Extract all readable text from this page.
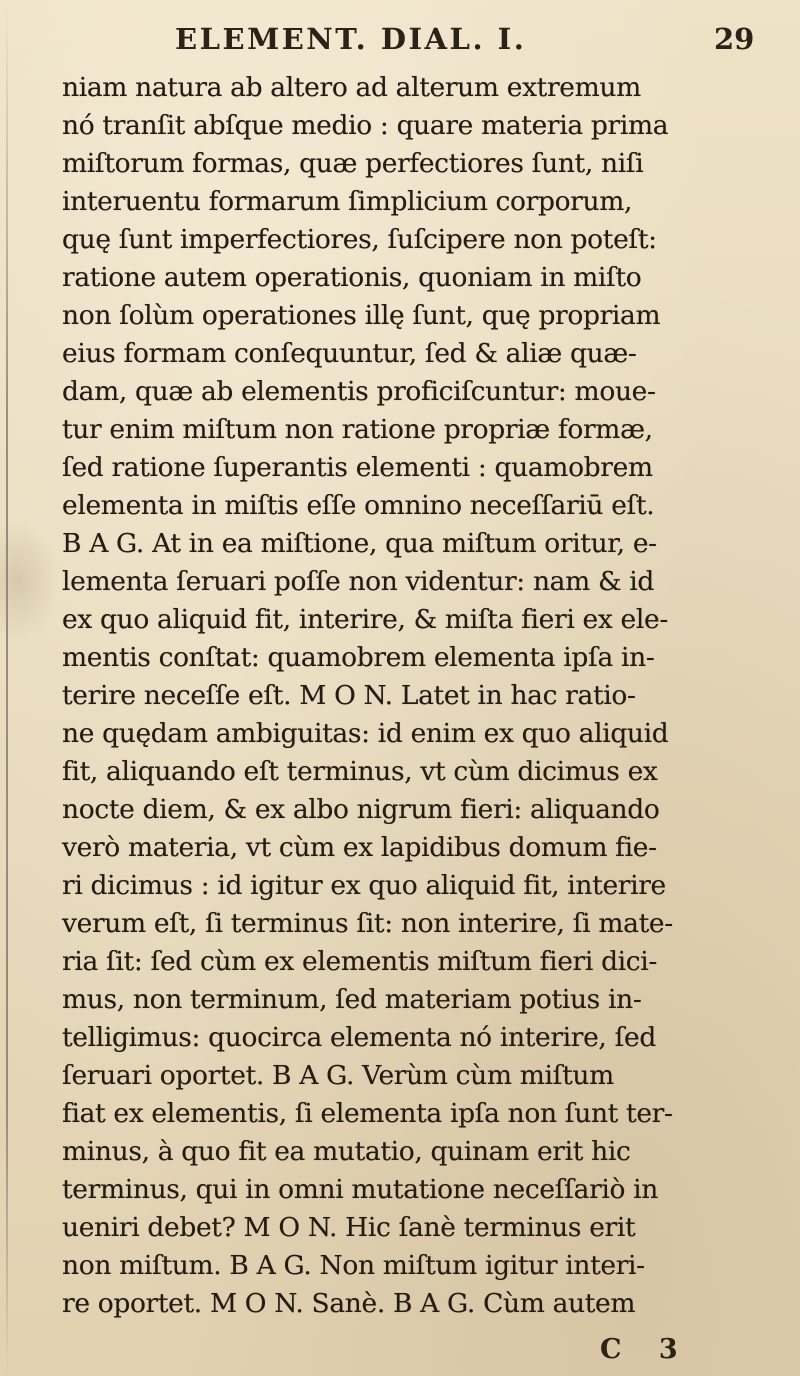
ELEMENT. DIAL. I.	29
niam natura ab altero ad alterum extremum
nó tranſit abſque medio : quare materia prima
miſtorum formas, quæ perfectiores ſunt, niſi
interuentu formarum ſimplicium corporum,
quę ſunt imperfectiores, ſuſcipere non poteſt:
ratione autem operationis, quoniam in miſto
non ſolùm operationes illę ſunt, quę propriam
eius formam conſequuntur, ſed & aliæ quæ-
dam, quæ ab elementis proficiſcuntur: moue-
tur enim miſtum non ratione propriæ formæ,
ſed ratione ſuperantis elementi : quamobrem
elementa in miſtis eſſe omnino neceſſariū eſt.
B A G. At in ea miſtione, qua miſtum oritur, e-
lementa ſeruari poſſe non videntur: nam & id
ex quo aliquid fit, interire, & miſta fieri ex ele-
mentis conſtat: quamobrem elementa ipſa in-
terire neceſſe eſt. M O N. Latet in hac ratio-
ne quędam ambiguitas: id enim ex quo aliquid
fit, aliquando eſt terminus, vt cùm dicimus ex
nocte diem, & ex albo nigrum fieri: aliquando
verò materia, vt cùm ex lapidibus domum fie-
ri dicimus : id igitur ex quo aliquid fit, interire
verum eſt, ſi terminus ſit: non interire, ſi mate-
ria ſit: ſed cùm ex elementis miſtum fieri dici-
mus, non terminum, ſed materiam potius in-
telligimus: quocirca elementa nó interire, ſed
ſeruari oportet. B A G. Verùm cùm miſtum
fiat ex elementis, ſi elementa ipſa non ſunt ter-
minus, à quo fit ea mutatio, quinam erit hic
terminus, qui in omni mutatione neceſſariò in
ueniri debet? M O N. Hic ſanè terminus erit
non miſtum. B A G. Non miſtum igitur interi-
re oportet. M O N. Sanè. B A G. Cùm autem
C 3
